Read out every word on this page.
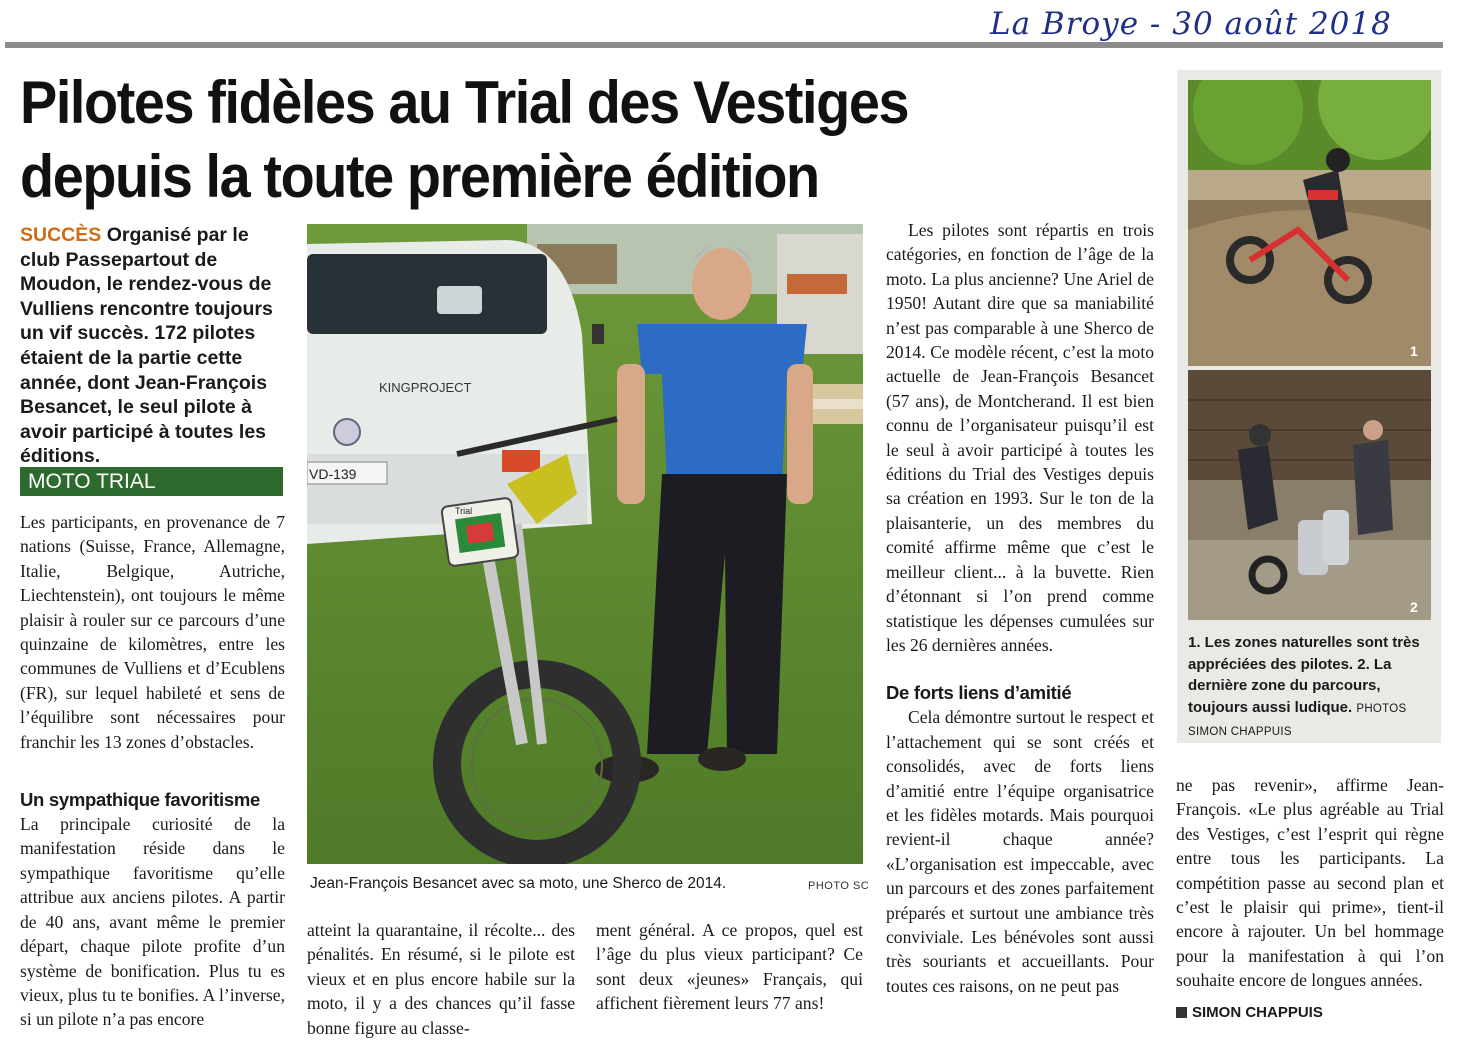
La Broye - 30 août 2018
Pilotes fidèles au Trial des Vestiges depuis la toute première édition
SUCCÈS Organisé par le club Passepartout de Moudon, le rendez-vous de Vulliens rencontre toujours un vif succès. 172 pilotes étaient de la partie cette année, dont Jean-François Besancet, le seul pilote à avoir participé à toutes les éditions.
MOTO TRIAL

Les participants, en provenance de 7 nations (Suisse, France, Allemagne, Italie, Belgique, Autriche, Liechtenstein), ont toujours le même plaisir à rouler sur ce parcours d’une quinzaine de kilomètres, entre les communes de Vulliens et d’Ecublens (FR), sur lequel habileté et sens de l’équilibre sont nécessaires pour franchir les 13 zones d’obstacles.

Un sympathique favoritisme

La principale curiosité de la manifestation réside dans le sympathique favoritisme qu’elle attribue aux anciens pilotes. A partir de 40 ans, avant même le premier départ, chaque pilote profite d’un système de bonification. Plus tu es vieux, plus tu te bonifies. A l’inverse, si un pilote n’a pas encore

VD-139
KINGPROJECT
Trial
Jean-François Besancet avec sa moto, une Sherco de 2014.	PHOTO SC

atteint la quarantaine, il récolte... des pénalités. En résumé, si le pilote est vieux et en plus encore habile sur la moto, il y a des chances qu’il fasse bonne figure au classe-

ment général. A ce propos, quel est l’âge du plus vieux participant? Ce sont deux «jeunes» Français, qui affichent fièrement leurs 77 ans!

Les pilotes sont répartis en trois catégories, en fonction de l’âge de la moto. La plus ancienne? Une Ariel de 1950! Autant dire que sa maniabilité n’est pas comparable à une Sherco de 2014. Ce modèle récent, c’est la moto actuelle de Jean-François Besancet (57 ans), de Montcherand. Il est bien connu de l’organisateur puisqu’il est le seul à avoir participé à toutes les éditions du Trial des Vestiges depuis sa création en 1993. Sur le ton de la plaisanterie, un des membres du comité affirme même que c’est le meilleur client... à la buvette. Rien d’étonnant si l’on prend comme statistique les dépenses cumulées sur les 26 dernières années.

De forts liens d’amitié

Cela démontre surtout le respect et l’attachement qui se sont créés et consolidés, avec de forts liens d’amitié entre l’équipe organisatrice et les fidèles motards. Mais pourquoi revient-il chaque année? «L’organisation est impeccable, avec un parcours et des zones parfaitement préparés et surtout une ambiance très conviviale. Les bénévoles sont aussi très souriants et accueillants. Pour toutes ces raisons, on ne peut pas

ne pas revenir», affirme Jean-François. «Le plus agréable au Trial des Vestiges, c’est l’esprit qui règne entre tous les participants. La compétition passe au second plan et c’est le plaisir qui prime», tient-il encore à rajouter. Un bel hommage pour la manifestation à qui l’on souhaite encore de longues années.

SIMON CHAPPUIS
1
2
1. Les zones naturelles sont très appréciées des pilotes. 2. La dernière zone du parcours, toujours aussi ludique. PHOTOS SIMON CHAPPUIS
